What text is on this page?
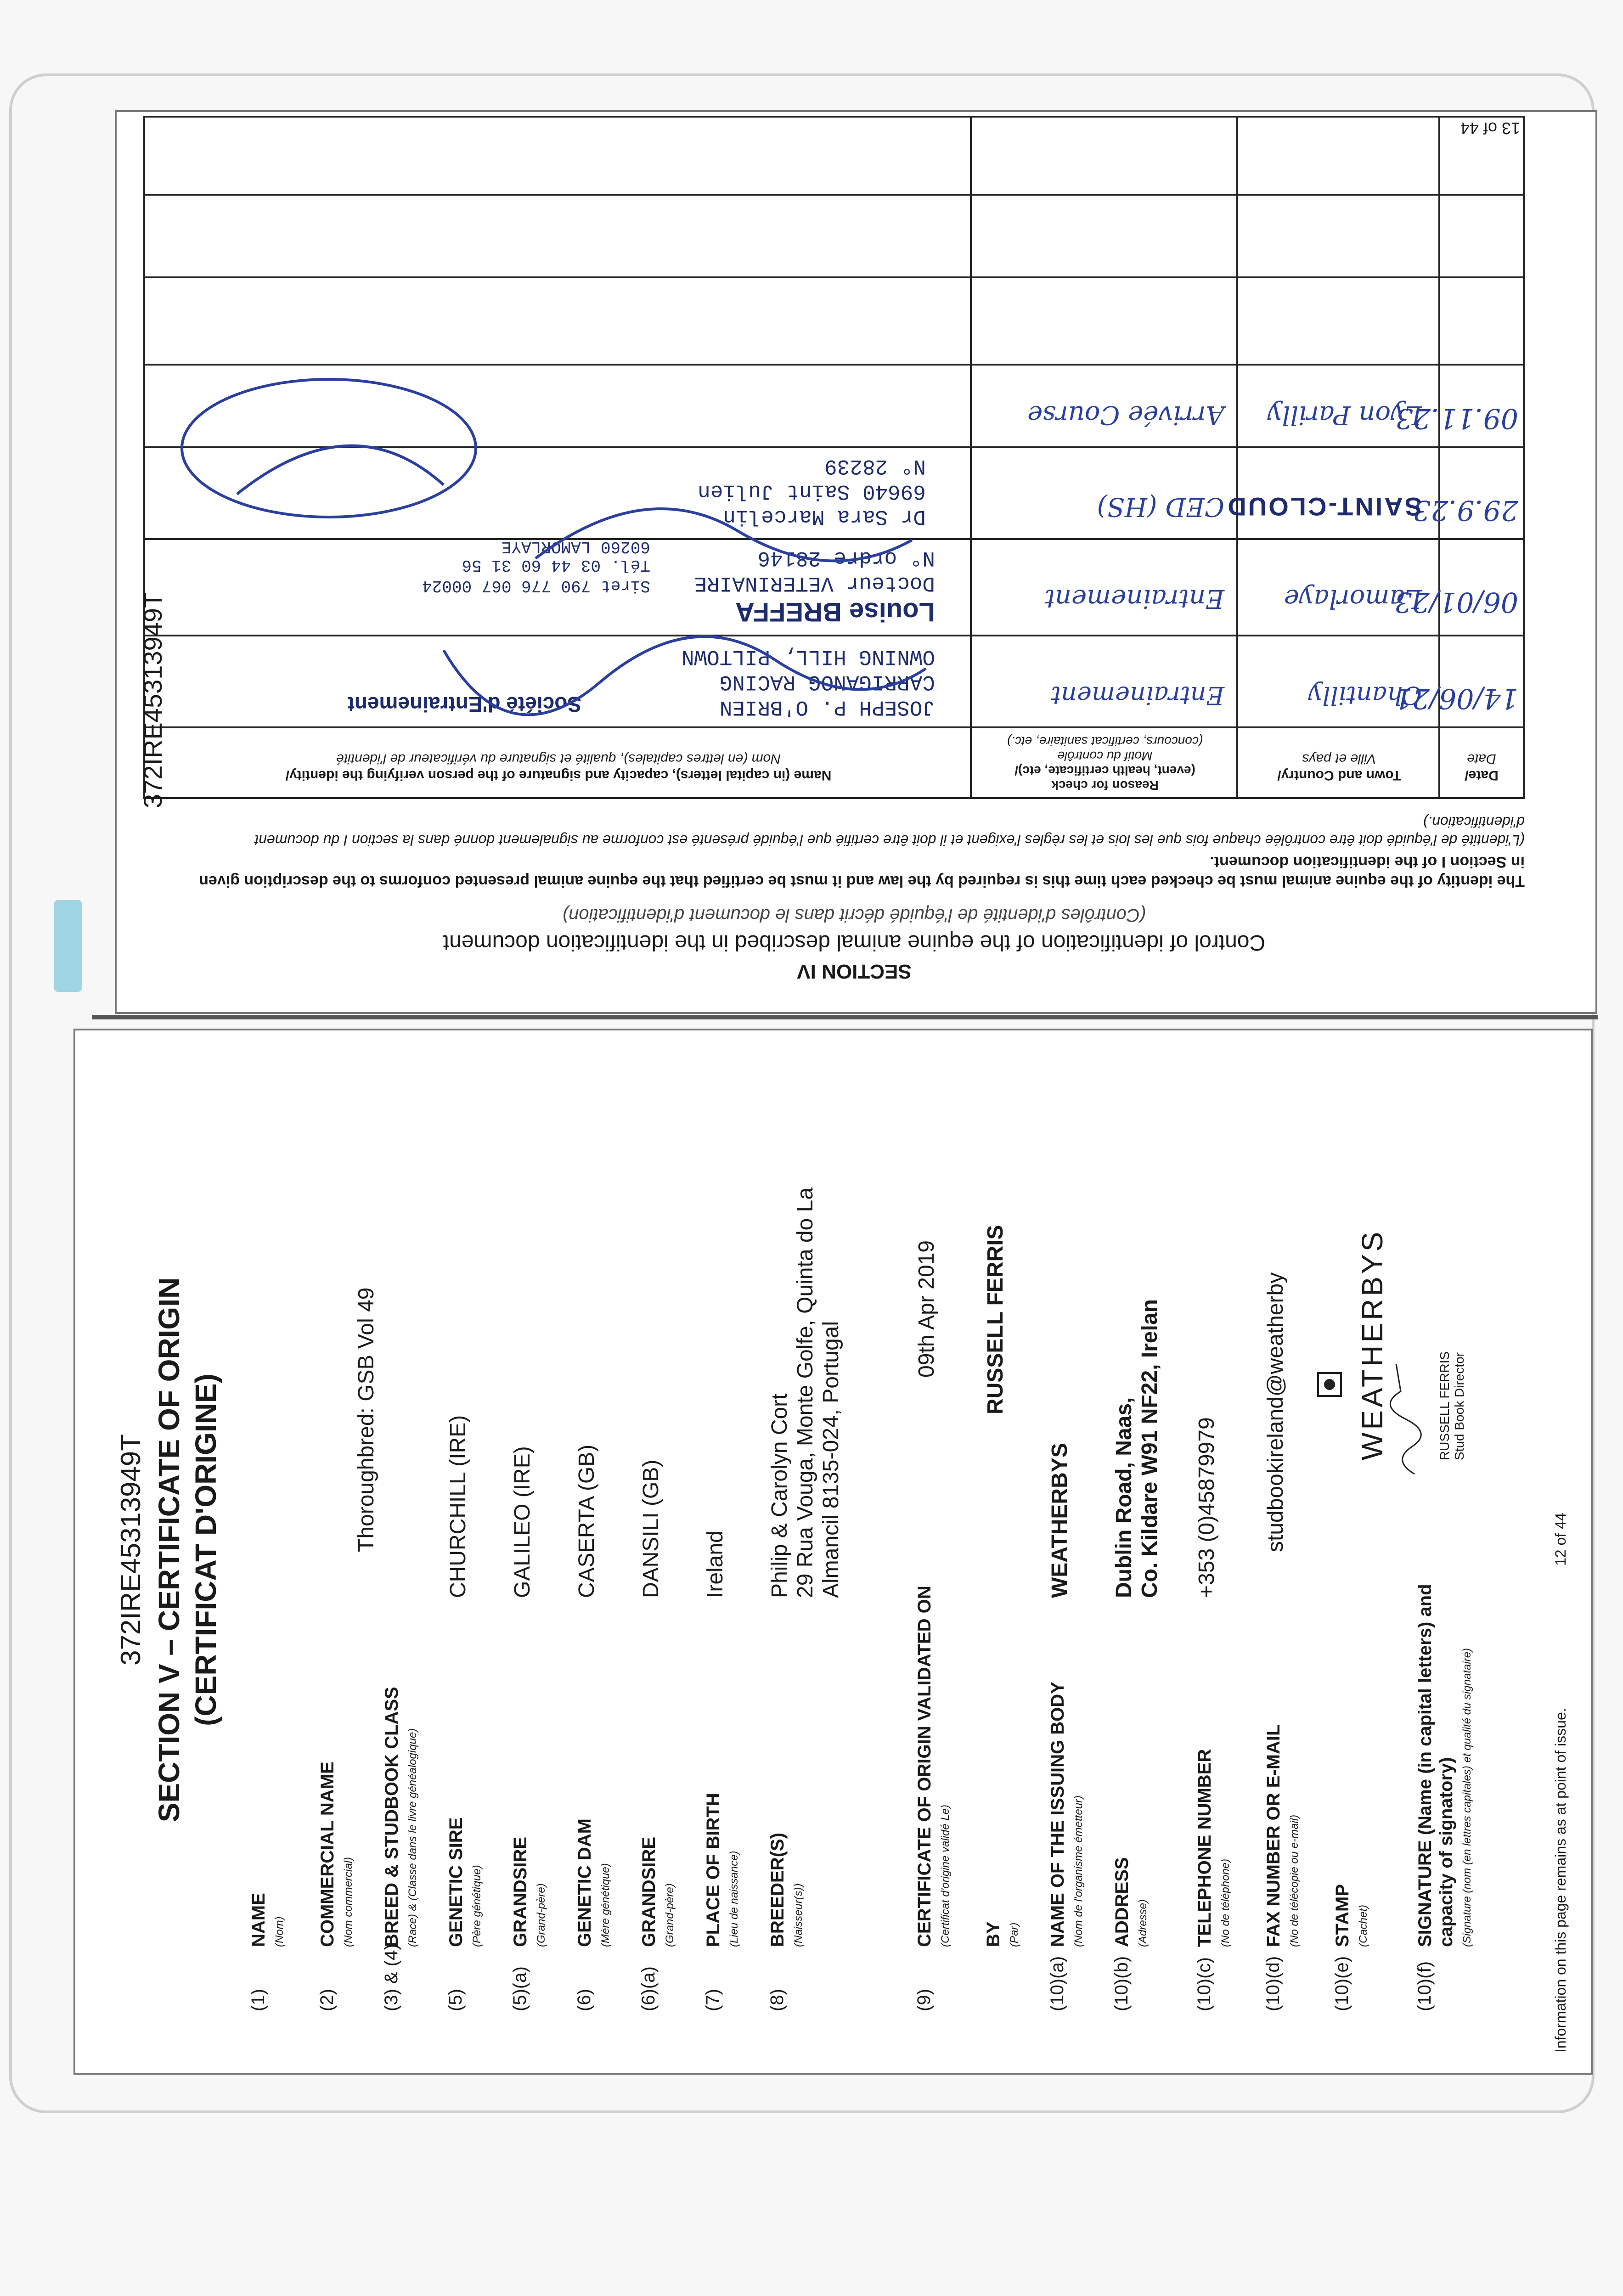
372IRE45313949T SECTION V – CERTIFICATE OF ORIGIN (CERTIFICAT D'ORIGINE)
(1)
NAME (Nom)
(2)
COMMERCIAL NAME (Nom commercial)
(3) & (4)
BREED & STUDBOOK CLASS (Race) & (Classe dans le livre généalogique)
Thoroughbred: GSB Vol 49
(5)
GENETIC SIRE (Père génétique)
CHURCHILL (IRE)
(5)(a)
GRANDSIRE (Grand-père)
GALILEO (IRE)
(6)
GENETIC DAM (Mère génétique)
CASERTA (GB)
(6)(a)
GRANDSIRE (Grand-père)
DANSILI (GB)
(7)
PLACE OF BIRTH (Lieu de naissance)
Ireland
(8)
BREEDER(S) (Naisseur(s))
Philip & Carolyn Cort
29 Rua Vouga, Monte Golfe, Quinta do La
Almancil 8135-024, Portugal
(9)
CERTIFICATE OF ORIGIN VALIDATED ON (Certificat d'origine validé Le)
09th Apr 2019
BY (Par)
RUSSELL FERRIS
(10)(a)
NAME OF THE ISSUING BODY (Nom de l'organisme émetteur)
WEATHERBYS
(10)(b)
ADDRESS (Adresse)
Dublin Road, Naas,
Co. Kildare W91 NF22, Irelan
(10)(c)
TELEPHONE NUMBER (No de téléphone)
+353 (0)45879979
(10)(d)
FAX NUMBER OR E-MAIL (No de télécopie ou e-mail)
studbookireland@weatherby
(10)(e)
STAMP (Cachet)
WEATHERBYS
(10)(f)
SIGNATURE (Name (in capital letters) and capacity of signatory) (Signature (nom (en lettres capitales) et qualité du signataire)
RUSSELL FERRIS
Stud Book Director
Information on this page remains as at point of issue.
12 of 44
SECTION IV
Control of identification of the equine animal described in the identification document
(Contrôles d'identité de l'équidé décrit dans le document d'identification)
The identity of the equine animal must be checked each time this is required by the law and it must be certified that the equine animal presented conforms to the description given in Section I of the identification document.
(L'identité de l'équidé doit être contrôlée chaque fois que les lois et les règles l'exigent et il doit être certifié que l'équidé présenté est conforme au signalement donné dans la section I du document d'identification.)
Date/
Date
Town and Country/
Ville et pays
Reason for check
(event, health certificate, etc)/
Motif du contrôle
(concours, certificat sanitaire, etc.)
Name (in capital letters), capacity and signature of the person verifying the identity/
Nom (en lettres capitales), qualité et signature du vérificateur de l'identité
14/06/21
Chantilly
Entrainement
JOSEPH P. O'BRIEN
CARRIGANOG RACING
OWNING HILL, PILTOWN
Société d'Entrainement
06/01/23
Lamorlaye
Entrainement
Louise BREFFA
Docteur VETERINAIRE
N° ordre 28146
Siret 790 776 067 00024
Tél. 03 44 60 31 56
60260 LAMORLAYE
29.9.23
SAINT-CLOUD
CED (HS)
Dr Sara Marcelin
69640 Saint Julien
N° 28239
09.11.23
Lyon Parilly
Arrivée Course
13 of 44
372IRE45313949T
